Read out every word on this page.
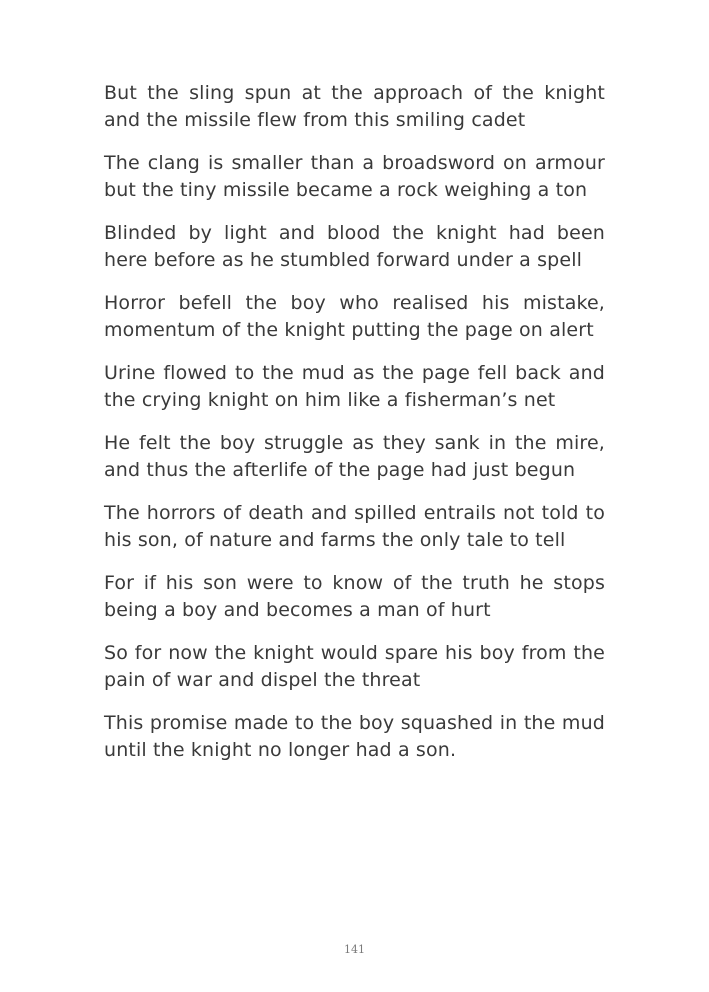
But the sling spun at the approach of the knight and the missile flew from this smiling cadet

The clang is smaller than a broadsword on armour but the tiny missile became a rock weighing a ton

Blinded by light and blood the knight had been here before as he stumbled forward under a spell

Horror befell the boy who realised his mistake, momentum of the knight putting the page on alert

Urine flowed to the mud as the page fell back and the crying knight on him like a fisherman’s net

He felt the boy struggle as they sank in the mire, and thus the afterlife of the page had just begun

The horrors of death and spilled entrails not told to his son, of nature and farms the only tale to tell

For if his son were to know of the truth he stops being a boy and becomes a man of hurt

So for now the knight would spare his boy from the pain of war and dispel the threat

This promise made to the boy squashed in the mud until the knight no longer had a son.

141
